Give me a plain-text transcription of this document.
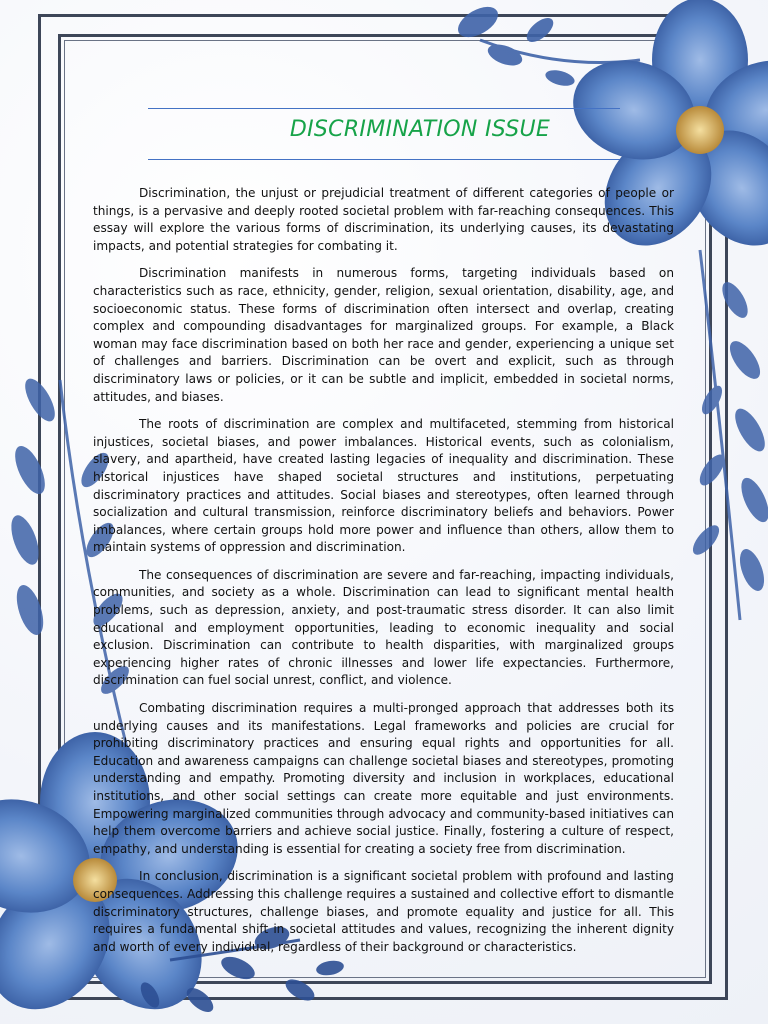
DISCRIMINATION ISSUE

Discrimination, the unjust or prejudicial treatment of different categories of people or things, is a pervasive and deeply rooted societal problem with far-reaching consequences. This essay will explore the various forms of discrimination, its underlying causes, its devastating impacts, and potential strategies for combating it.

Discrimination manifests in numerous forms, targeting individuals based on characteristics such as race, ethnicity, gender, religion, sexual orientation, disability, age, and socioeconomic status. These forms of discrimination often intersect and overlap, creating complex and compounding disadvantages for marginalized groups. For example, a Black woman may face discrimination based on both her race and gender, experiencing a unique set of challenges and barriers. Discrimination can be overt and explicit, such as through discriminatory laws or policies, or it can be subtle and implicit, embedded in societal norms, attitudes, and biases.

The roots of discrimination are complex and multifaceted, stemming from historical injustices, societal biases, and power imbalances. Historical events, such as colonialism, slavery, and apartheid, have created lasting legacies of inequality and discrimination. These historical injustices have shaped societal structures and institutions, perpetuating discriminatory practices and attitudes. Social biases and stereotypes, often learned through socialization and cultural transmission, reinforce discriminatory beliefs and behaviors. Power imbalances, where certain groups hold more power and influence than others, allow them to maintain systems of oppression and discrimination.

The consequences of discrimination are severe and far-reaching, impacting individuals, communities, and society as a whole. Discrimination can lead to significant mental health problems, such as depression, anxiety, and post-traumatic stress disorder. It can also limit educational and employment opportunities, leading to economic inequality and social exclusion. Discrimination can contribute to health disparities, with marginalized groups experiencing higher rates of chronic illnesses and lower life expectancies. Furthermore, discrimination can fuel social unrest, conflict, and violence.

Combating discrimination requires a multi-pronged approach that addresses both its underlying causes and its manifestations. Legal frameworks and policies are crucial for prohibiting discriminatory practices and ensuring equal rights and opportunities for all. Education and awareness campaigns can challenge societal biases and stereotypes, promoting understanding and empathy. Promoting diversity and inclusion in workplaces, educational institutions, and other social settings can create more equitable and just environments. Empowering marginalized communities through advocacy and community-based initiatives can help them overcome barriers and achieve social justice. Finally, fostering a culture of respect, empathy, and understanding is essential for creating a society free from discrimination.

In conclusion, discrimination is a significant societal problem with profound and lasting consequences. Addressing this challenge requires a sustained and collective effort to dismantle discriminatory structures, challenge biases, and promote equality and justice for all. This requires a fundamental shift in societal attitudes and values, recognizing the inherent dignity and worth of every individual, regardless of their background or characteristics.
